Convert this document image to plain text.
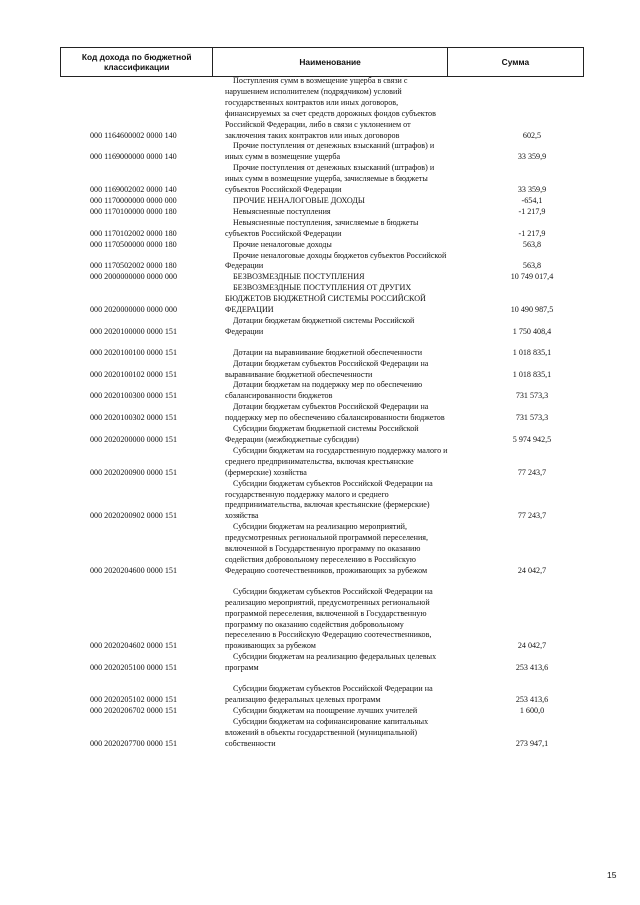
Код дохода по бюджетной классификации	Наименование	Сумма
000 1164600002 0000 140	Поступления сумм в возмещение ущерба в связи с нарушением исполнителем (подрядчиком) условий государственных контрактов или иных договоров, финансируемых за счет средств дорожных фондов субъектов Российской Федерации, либо в связи с уклонением от заключения таких контрактов или иных договоров	602,5
000 1169000000 0000 140	Прочие поступления от денежных взысканий (штрафов) и иных сумм в возмещение ущерба	33 359,9
000 1169002002 0000 140	Прочие поступления от денежных взысканий (штрафов) и иных сумм в возмещение ущерба, зачисляемые в бюджеты субъектов Российской Федерации	33 359,9
000 1170000000 0000 000	ПРОЧИЕ НЕНАЛОГОВЫЕ ДОХОДЫ	-654,1
000 1170100000 0000 180	Невыясненные поступления	-1 217,9
000 1170102002 0000 180	Невыясненные поступления, зачисляемые в бюджеты субъектов Российской Федерации	-1 217,9
000 1170500000 0000 180	Прочие неналоговые доходы	563,8
000 1170502002 0000 180	Прочие неналоговые доходы бюджетов субъектов Российской Федерации	563,8
000 2000000000 0000 000	БЕЗВОЗМЕЗДНЫЕ ПОСТУПЛЕНИЯ	10 749 017,4
000 2020000000 0000 000	БЕЗВОЗМЕЗДНЫЕ ПОСТУПЛЕНИЯ ОТ ДРУГИХ БЮДЖЕТОВ БЮДЖЕТНОЙ СИСТЕМЫ РОССИЙСКОЙ ФЕДЕРАЦИИ	10 490 987,5
000 2020100000 0000 151	Дотации бюджетам бюджетной системы Российской Федерации	1 750 408,4
000 2020100100 0000 151	Дотации на выравнивание бюджетной обеспеченности	1 018 835,1
000 2020100102 0000 151	Дотации бюджетам субъектов Российской Федерации на выравнивание бюджетной обеспеченности	1 018 835,1
000 2020100300 0000 151	Дотации бюджетам на поддержку мер по обеспечению сбалансированности бюджетов	731 573,3
000 2020100302 0000 151	Дотации бюджетам субъектов Российской Федерации на поддержку мер по обеспечению сбалансированности бюджетов	731 573,3
000 2020200000 0000 151	Субсидии бюджетам бюджетной системы Российской Федерации (межбюджетные субсидии)	5 974 942,5
000 2020200900 0000 151	Субсидии бюджетам на государственную поддержку малого и среднего предпринимательства, включая крестьянские (фермерские) хозяйства	77 243,7
000 2020200902 0000 151	Субсидии бюджетам субъектов Российской Федерации на государственную поддержку малого и среднего предпринимательства, включая крестьянские (фермерские) хозяйства	77 243,7
000 2020204600 0000 151	Субсидии бюджетам на реализацию мероприятий, предусмотренных региональной программой переселения, включенной в Государственную программу по оказанию содействия добровольному переселению в Российскую Федерацию соотечественников, проживающих за рубежом	24 042,7
000 2020204602 0000 151	Субсидии бюджетам субъектов Российской Федерации на реализацию мероприятий, предусмотренных региональной программой переселения, включенной в Государственную программу по оказанию содействия добровольному переселению в Российскую Федерацию соотечественников, проживающих за рубежом	24 042,7
000 2020205100 0000 151	Субсидии бюджетам на реализацию федеральных целевых программ	253 413,6
000 2020205102 0000 151	Субсидии бюджетам субъектов Российской Федерации на реализацию федеральных целевых программ	253 413,6
000 2020206702 0000 151	Субсидии бюджетам на поощрение лучших учителей	1 600,0
000 2020207700 0000 151	Субсидии бюджетам на софинансирование капитальных вложений в объекты государственной (муниципальной) собственности	273 947,1
15
